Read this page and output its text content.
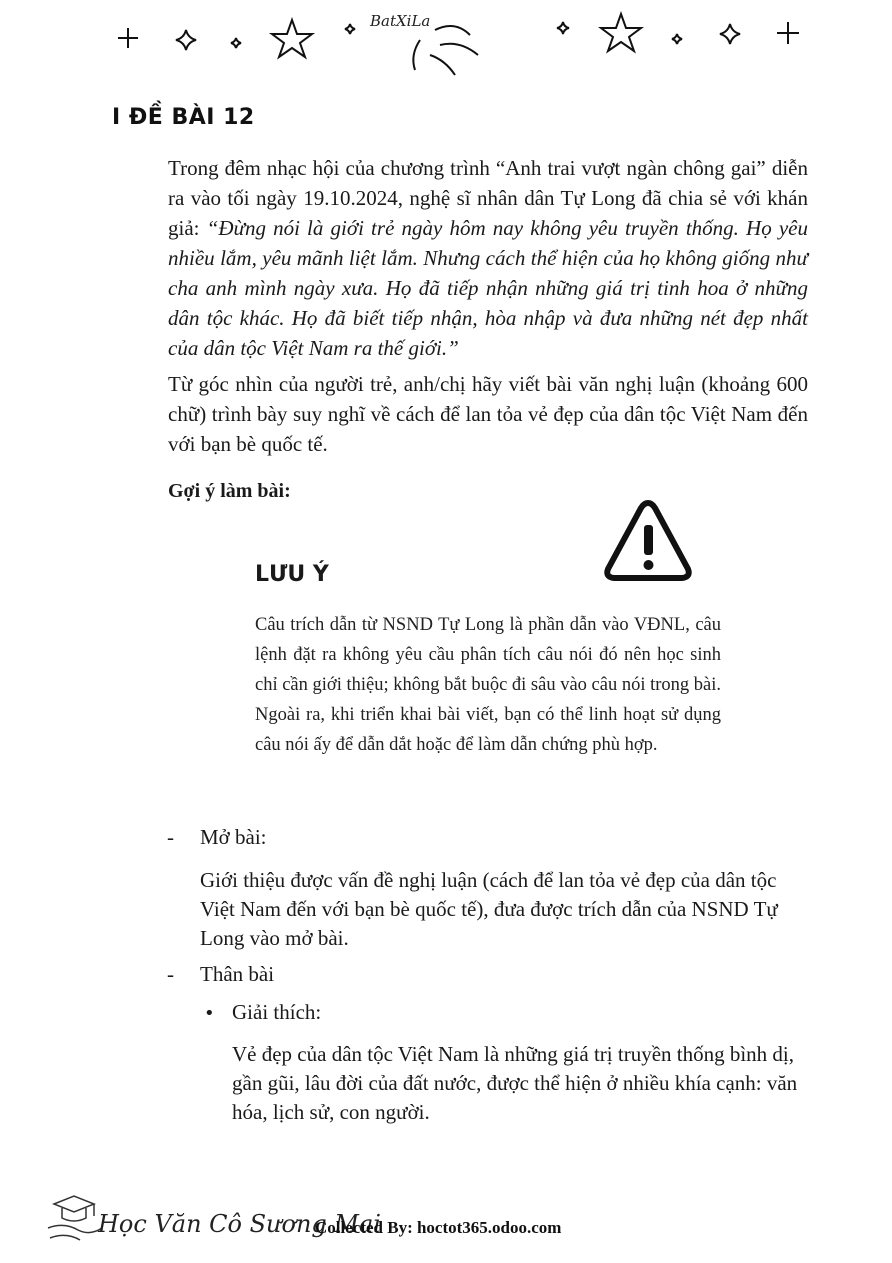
BatXiLa
I ĐỀ BÀI 12
Trong đêm nhạc hội của chương trình “Anh trai vượt ngàn chông gai” diễn ra vào tối ngày 19.10.2024, nghệ sĩ nhân dân Tự Long đã chia sẻ với khán giả: “Đừng nói là giới trẻ ngày hôm nay không yêu truyền thống. Họ yêu nhiều lắm, yêu mãnh liệt lắm. Nhưng cách thể hiện của họ không giống như cha anh mình ngày xưa. Họ đã tiếp nhận những giá trị tinh hoa ở những dân tộc khác. Họ đã biết tiếp nhận, hòa nhập và đưa những nét đẹp nhất của dân tộc Việt Nam ra thế giới.”
Từ góc nhìn của người trẻ, anh/chị hãy viết bài văn nghị luận (khoảng 600 chữ) trình bày suy nghĩ về cách để lan tỏa vẻ đẹp của dân tộc Việt Nam đến với bạn bè quốc tế.
Gợi ý làm bài:
LƯU Ý
Câu trích dẫn từ NSND Tự Long là phần dẫn vào VĐNL, câu lệnh đặt ra không yêu cầu phân tích câu nói đó nên học sinh chỉ cần giới thiệu; không bắt buộc đi sâu vào câu nói trong bài. Ngoài ra, khi triển khai bài viết, bạn có thể linh hoạt sử dụng câu nói ấy để dẫn dắt hoặc để làm dẫn chứng phù hợp.
- Mở bài:
Giới thiệu được vấn đề nghị luận (cách để lan tỏa vẻ đẹp của dân tộc Việt Nam đến với bạn bè quốc tế), đưa được trích dẫn của NSND Tự Long vào mở bài.
- Thân bài
• Giải thích:
Vẻ đẹp của dân tộc Việt Nam là những giá trị truyền thống bình dị, gần gũi, lâu đời của đất nước, được thể hiện ở nhiều khía cạnh: văn hóa, lịch sử, con người.
Học Văn Cô Sương Mai
Collected By: hoctot365.odoo.com
